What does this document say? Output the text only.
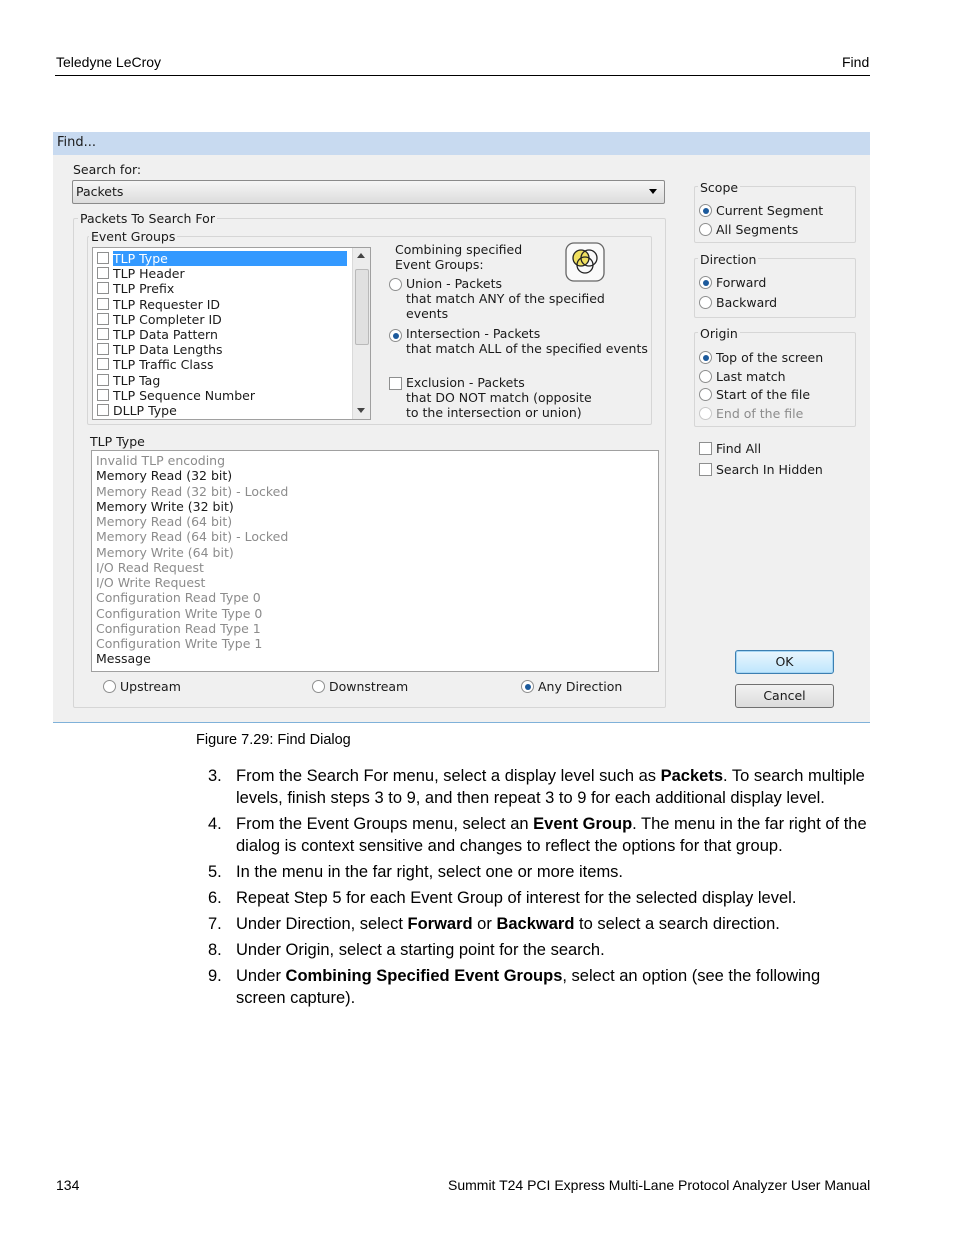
Teledyne LeCroy	Find
Find...
Search for:
Packets
Packets To Search For
Event Groups
TLP Type
TLP Header
TLP Prefix
TLP Requester ID
TLP Completer ID
TLP Data Pattern
TLP Data Lengths
TLP Traffic Class
TLP Tag
TLP Sequence Number
DLLP Type
Combining specified
Event Groups:
Union - Packets
that match ANY of the specified
events
Intersection - Packets
that match ALL of the specified events
Exclusion - Packets
that DO NOT match (opposite
to the intersection or union)
TLP Type
Invalid TLP encoding
Memory Read (32 bit)
Memory Read (32 bit) - Locked
Memory Write (32 bit)
Memory Read (64 bit)
Memory Read (64 bit) - Locked
Memory Write (64 bit)
I/O Read Request
I/O Write Request
Configuration Read Type 0
Configuration Write Type 0
Configuration Read Type 1
Configuration Write Type 1
Message
Upstream	Downstream	Any Direction
Scope
Current Segment
All Segments
Direction
Forward
Backward
Origin
Top of the screen
Last match
Start of the file
End of the file
Find All
Search In Hidden
OK
Cancel
Figure 7.29: Find Dialog
3. From the Search For menu, select a display level such as Packets. To search multiple levels, finish steps 3 to 9, and then repeat 3 to 9 for each additional display level.
4. From the Event Groups menu, select an Event Group. The menu in the far right of the dialog is context sensitive and changes to reflect the options for that group.
5. In the menu in the far right, select one or more items.
6. Repeat Step 5 for each Event Group of interest for the selected display level.
7. Under Direction, select Forward or Backward to select a search direction.
8. Under Origin, select a starting point for the search.
9. Under Combining Specified Event Groups, select an option (see the following screen capture).
134	Summit T24 PCI Express Multi-Lane Protocol Analyzer User Manual
